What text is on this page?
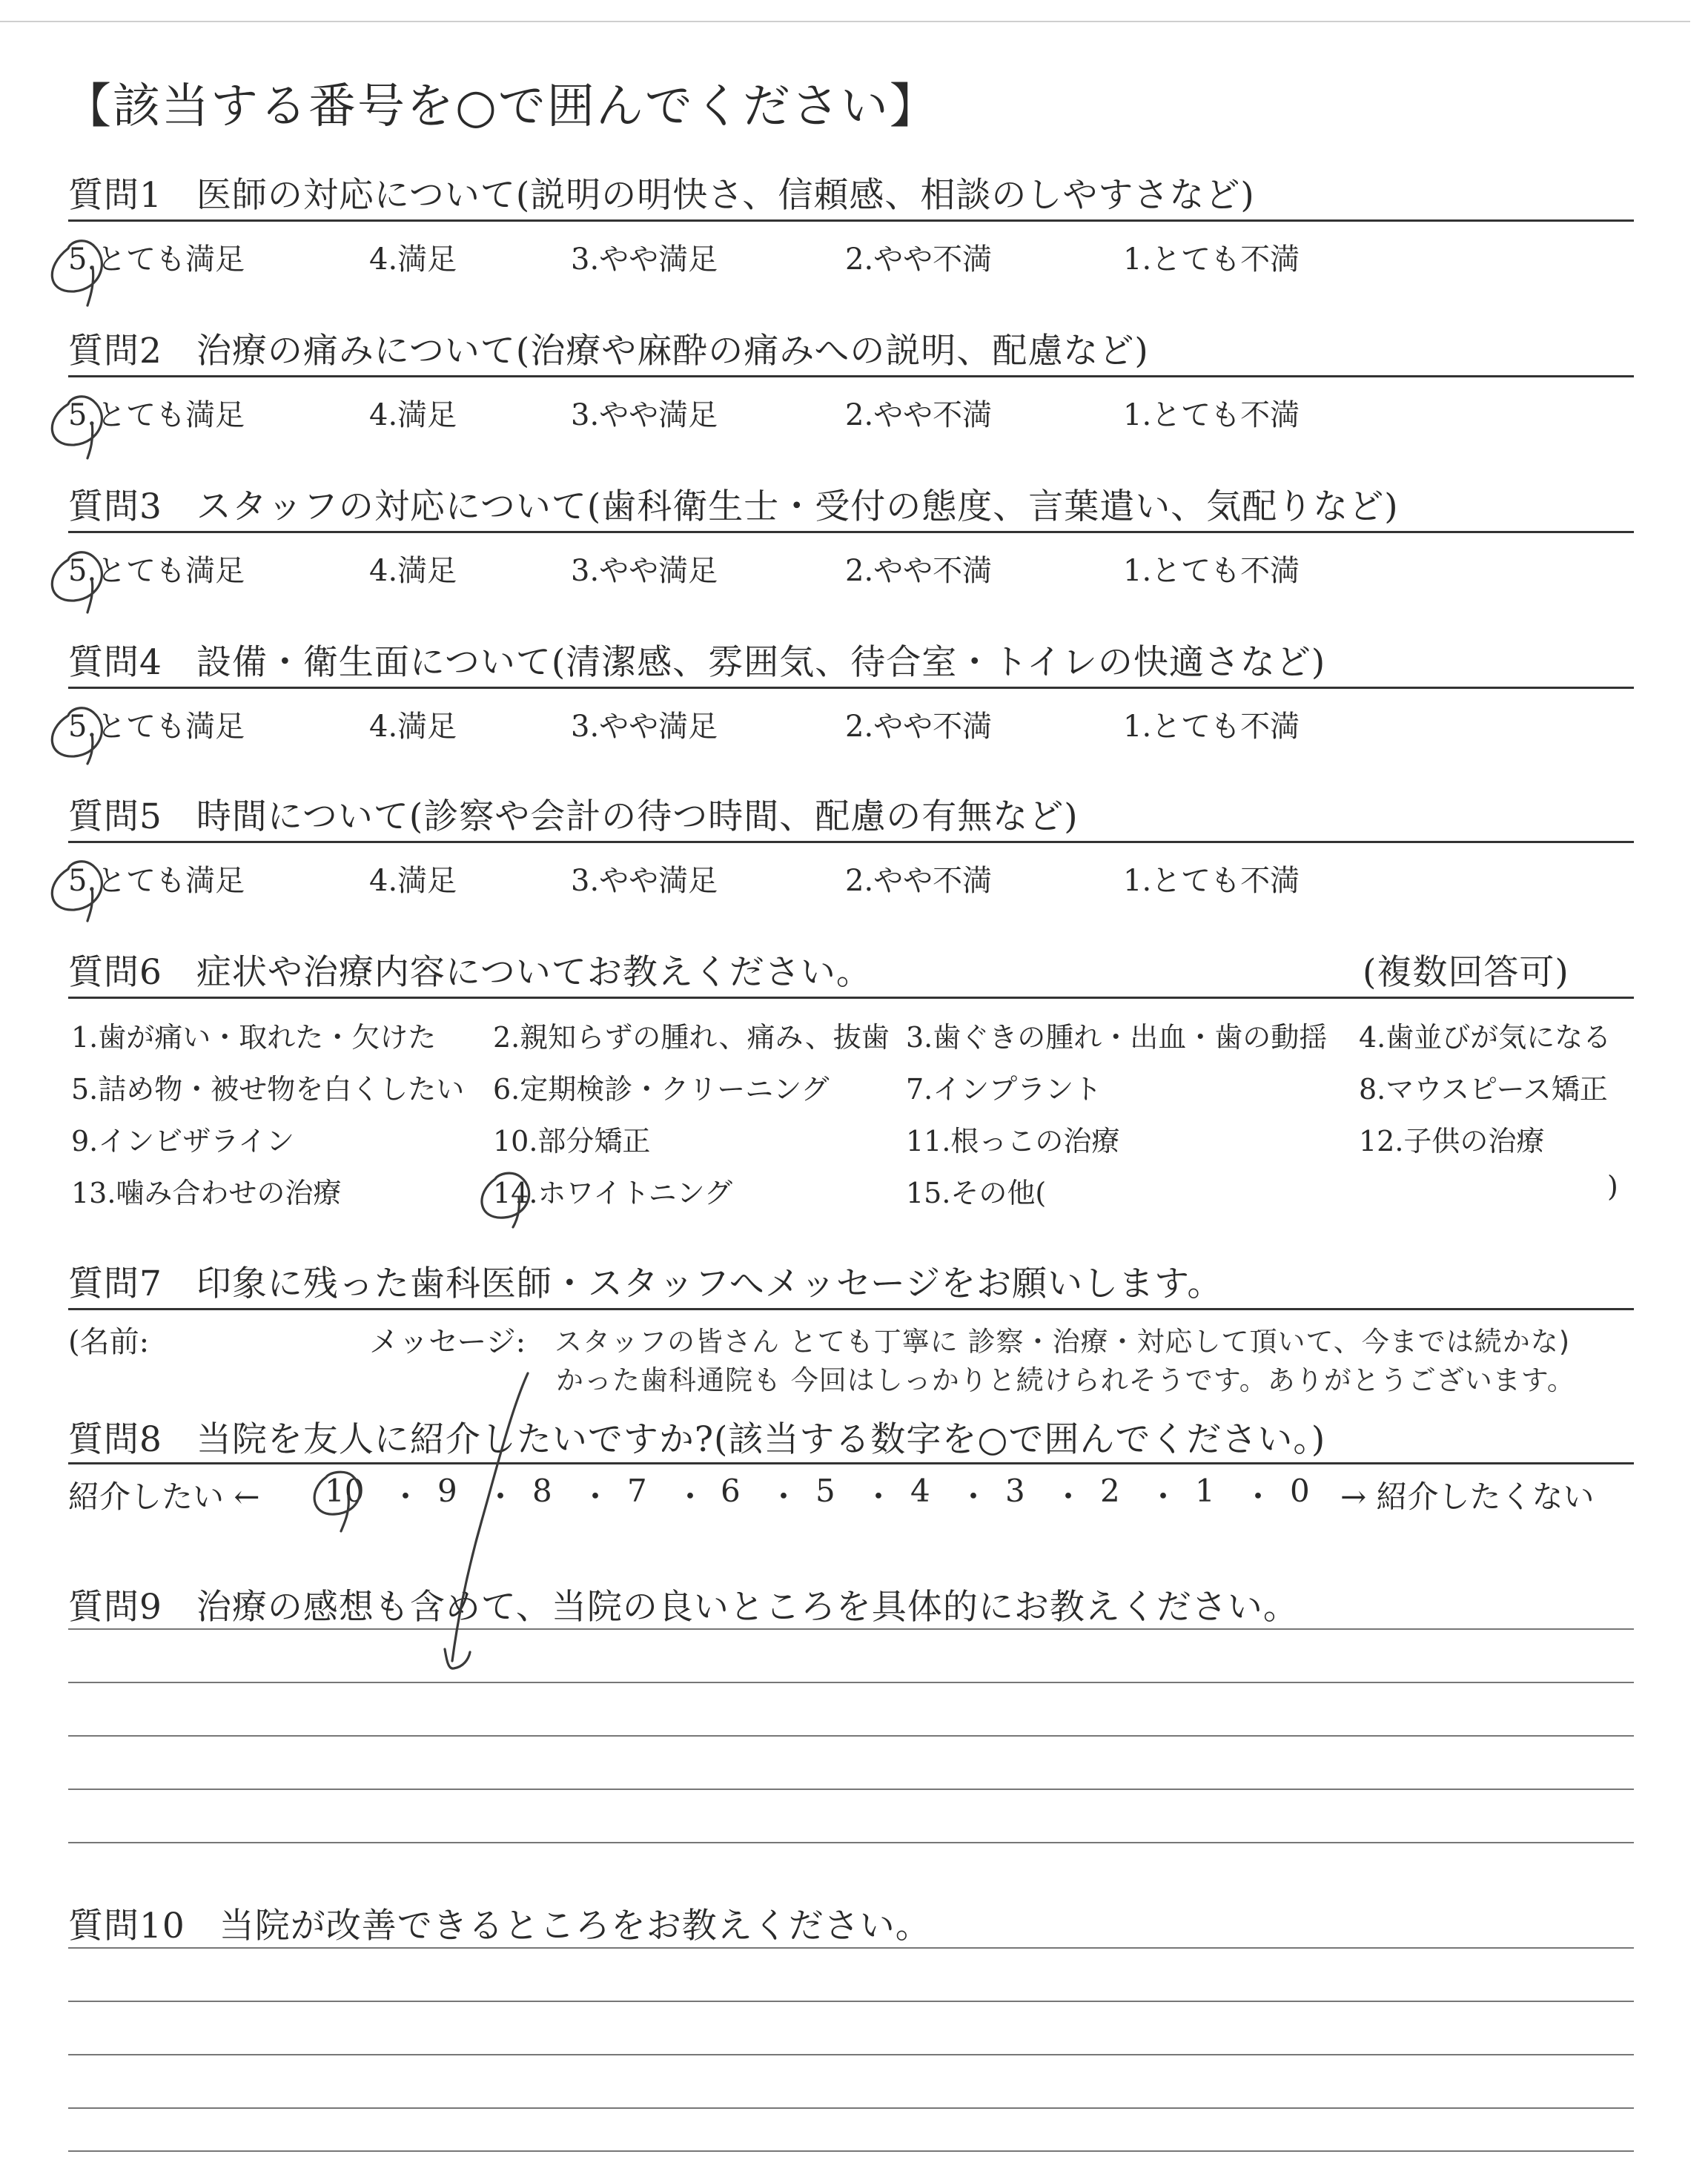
【該当する番号を○で囲んでください】
質問1 医師の対応について(説明の明快さ、信頼感、相談のしやすさなど)
5.とても満足	4.満足	3.やや満足	2.やや不満	1.とても不満
質問2 治療の痛みについて(治療や麻酔の痛みへの説明、配慮など)
5.とても満足	4.満足	3.やや満足	2.やや不満	1.とても不満
質問3 スタッフの対応について(歯科衛生士・受付の態度、言葉遣い、気配りなど)
5.とても満足	4.満足	3.やや満足	2.やや不満	1.とても不満
質問4 設備・衛生面について(清潔感、雰囲気、待合室・トイレの快適さなど)
5.とても満足	4.満足	3.やや満足	2.やや不満	1.とても不満
質問5 時間について(診察や会計の待つ時間、配慮の有無など)
5.とても満足	4.満足	3.やや満足	2.やや不満	1.とても不満
質問6 症状や治療内容についてお教えください。	(複数回答可)
1.歯が痛い・取れた・欠けた 2.親知らずの腫れ、痛み、抜歯 3.歯ぐきの腫れ・出血・歯の動揺 4.歯並びが気になる
5.詰め物・被せ物を白くしたい 6.定期検診・クリーニング	7.インプラント	8.マウスピース矯正
9.インビザライン	10.部分矯正	11.根っこの治療	12.子供の治療
13.噛み合わせの治療	14.ホワイトニング	15.その他(	)
質問7 印象に残った歯科医師・スタッフへメッセージをお願いします。
(名前:	メッセージ: スタッフの皆さん とても丁寧に 診察・治療・対応して頂いて、今までは続かな)
かった歯科通院も 今回はしっかりと続けられそうです。ありがとうございます。
質問8 当院を友人に紹介したいですか?(該当する数字を○で囲んでください。)
紹介したい ← 10 ・ 9 ・ 8 ・ 7 ・ 6 ・ 5 ・ 4 ・ 3 ・ 2 ・ 1 ・ 0 → 紹介したくない
質問9 治療の感想も含めて、当院の良いところを具体的にお教えください。
質問10 当院が改善できるところをお教えください。
